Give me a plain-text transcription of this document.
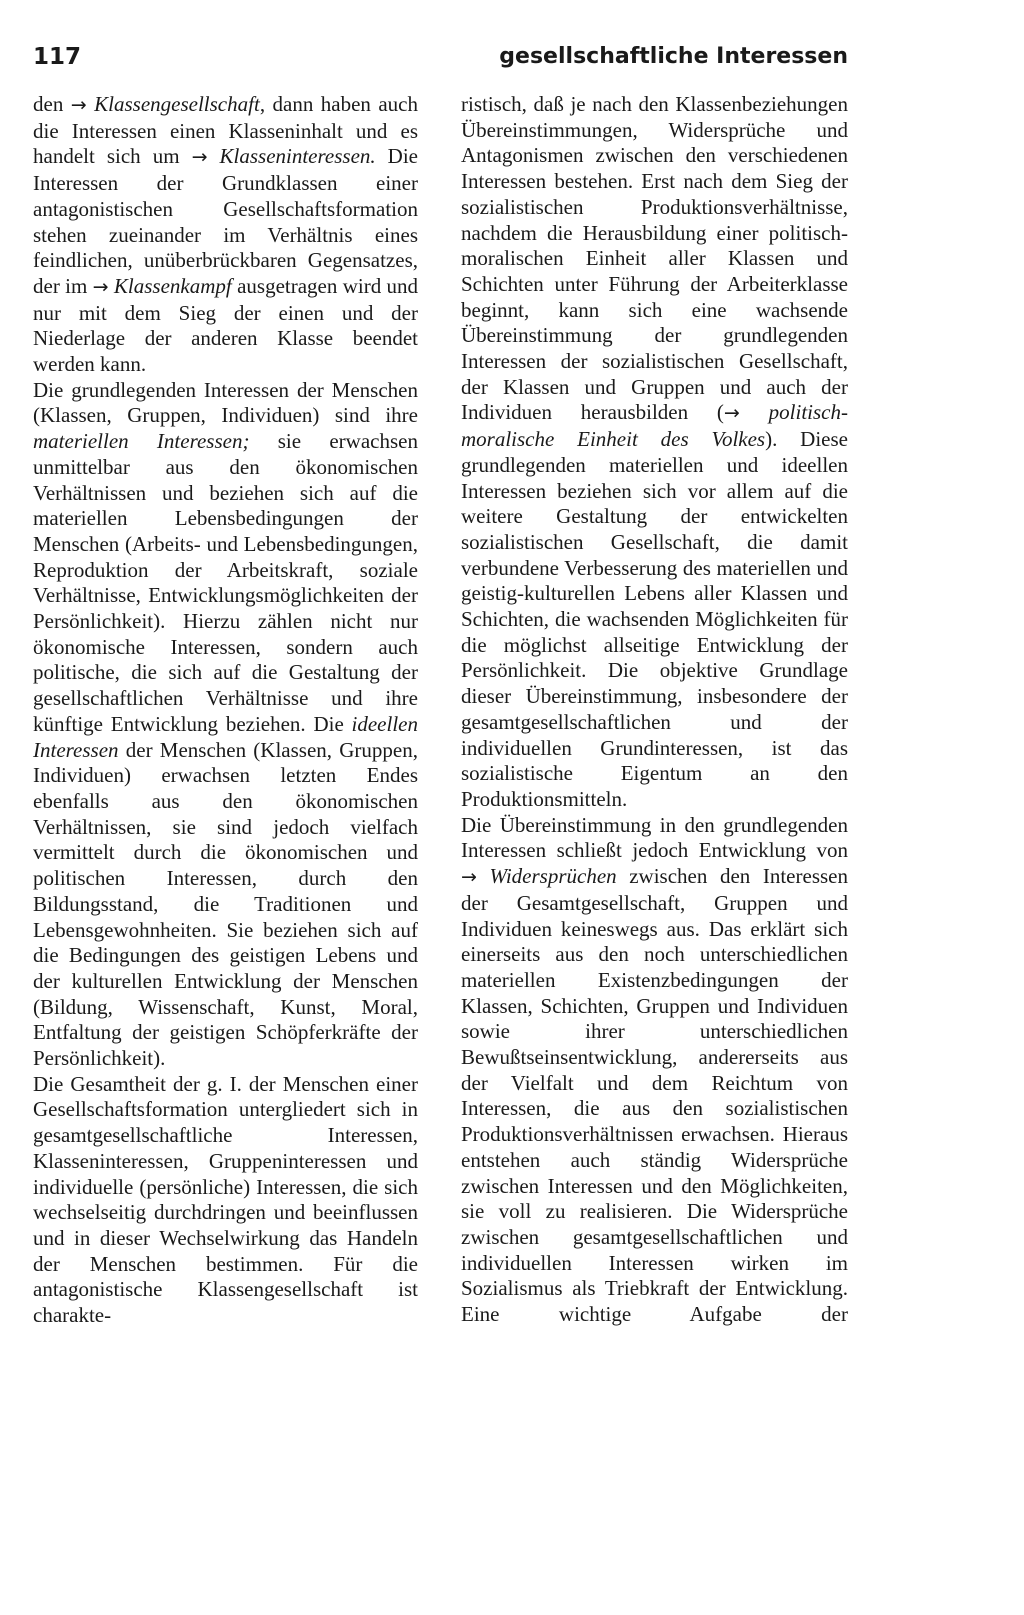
117	gesellschaftliche Interessen

den → Klassengesellschaft, dann haben auch die Interessen einen Klasseninhalt und es handelt sich um → Klasseninteressen. Die Interessen der Grundklassen einer antagonistischen Gesellschaftsformation stehen zueinander im Verhältnis eines feindlichen, unüberbrückbaren Gegensatzes, der im → Klassenkampf ausgetragen wird und nur mit dem Sieg der einen und der Niederlage der anderen Klasse beendet werden kann.

Die grundlegenden Interessen der Menschen (Klassen, Gruppen, Individuen) sind ihre materiellen Interessen; sie erwachsen unmittelbar aus den ökonomischen Verhältnissen und beziehen sich auf die materiellen Lebensbedingungen der Menschen (Arbeits- und Lebensbedingungen, Reproduktion der Arbeitskraft, soziale Verhältnisse, Entwicklungsmöglichkeiten der Persönlichkeit). Hierzu zählen nicht nur ökonomische Interessen, sondern auch politische, die sich auf die Gestaltung der gesellschaftlichen Verhältnisse und ihre künftige Entwicklung beziehen. Die ideellen Interessen der Menschen (Klassen, Gruppen, Individuen) erwachsen letzten Endes ebenfalls aus den ökonomischen Verhältnissen, sie sind jedoch vielfach vermittelt durch die ökonomischen und politischen Interessen, durch den Bildungsstand, die Traditionen und Lebensgewohnheiten. Sie beziehen sich auf die Bedingungen des geistigen Lebens und der kulturellen Entwicklung der Menschen (Bildung, Wissenschaft, Kunst, Moral, Entfaltung der geistigen Schöpferkräfte der Persönlichkeit).

Die Gesamtheit der g. I. der Menschen einer Gesellschaftsformation untergliedert sich in gesamtgesellschaftliche Interessen, Klasseninteressen, Gruppeninteressen und individuelle (persönliche) Interessen, die sich wechselseitig durchdringen und beeinflussen und in dieser Wechselwirkung das Handeln der Menschen bestimmen. Für die antagonistische Klassengesellschaft ist charakte-

ristisch, daß je nach den Klassenbeziehungen Übereinstimmungen, Widersprüche und Antagonismen zwischen den verschiedenen Interessen bestehen. Erst nach dem Sieg der sozialistischen Produktionsverhältnisse, nachdem die Herausbildung einer politisch-moralischen Einheit aller Klassen und Schichten unter Führung der Arbeiterklasse beginnt, kann sich eine wachsende Übereinstimmung der grundlegenden Interessen der sozialistischen Gesellschaft, der Klassen und Gruppen und auch der Individuen herausbilden (→ politisch-moralische Einheit des Volkes). Diese grundlegenden materiellen und ideellen Interessen beziehen sich vor allem auf die weitere Gestaltung der entwickelten sozialistischen Gesellschaft, die damit verbundene Verbesserung des materiellen und geistig-kulturellen Lebens aller Klassen und Schichten, die wachsenden Möglichkeiten für die möglichst allseitige Entwicklung der Persönlichkeit. Die objektive Grundlage dieser Übereinstimmung, insbesondere der gesamtgesellschaftlichen und der individuellen Grundinteressen, ist das sozialistische Eigentum an den Produktionsmitteln.

Die Übereinstimmung in den grundlegenden Interessen schließt jedoch Entwicklung von → Widersprüchen zwischen den Interessen der Gesamtgesellschaft, Gruppen und Individuen keineswegs aus. Das erklärt sich einerseits aus den noch unterschiedlichen materiellen Existenzbedingungen der Klassen, Schichten, Gruppen und Individuen sowie ihrer unterschiedlichen Bewußtseinsentwicklung, andererseits aus der Vielfalt und dem Reichtum von Interessen, die aus den sozialistischen Produktionsverhältnissen erwachsen. Hieraus entstehen auch ständig Widersprüche zwischen Interessen und den Möglichkeiten, sie voll zu realisieren. Die Widersprüche zwischen gesamtgesellschaftlichen und individuellen Interessen wirken im Sozialismus als Triebkraft der Entwicklung. Eine wichtige Aufgabe der
